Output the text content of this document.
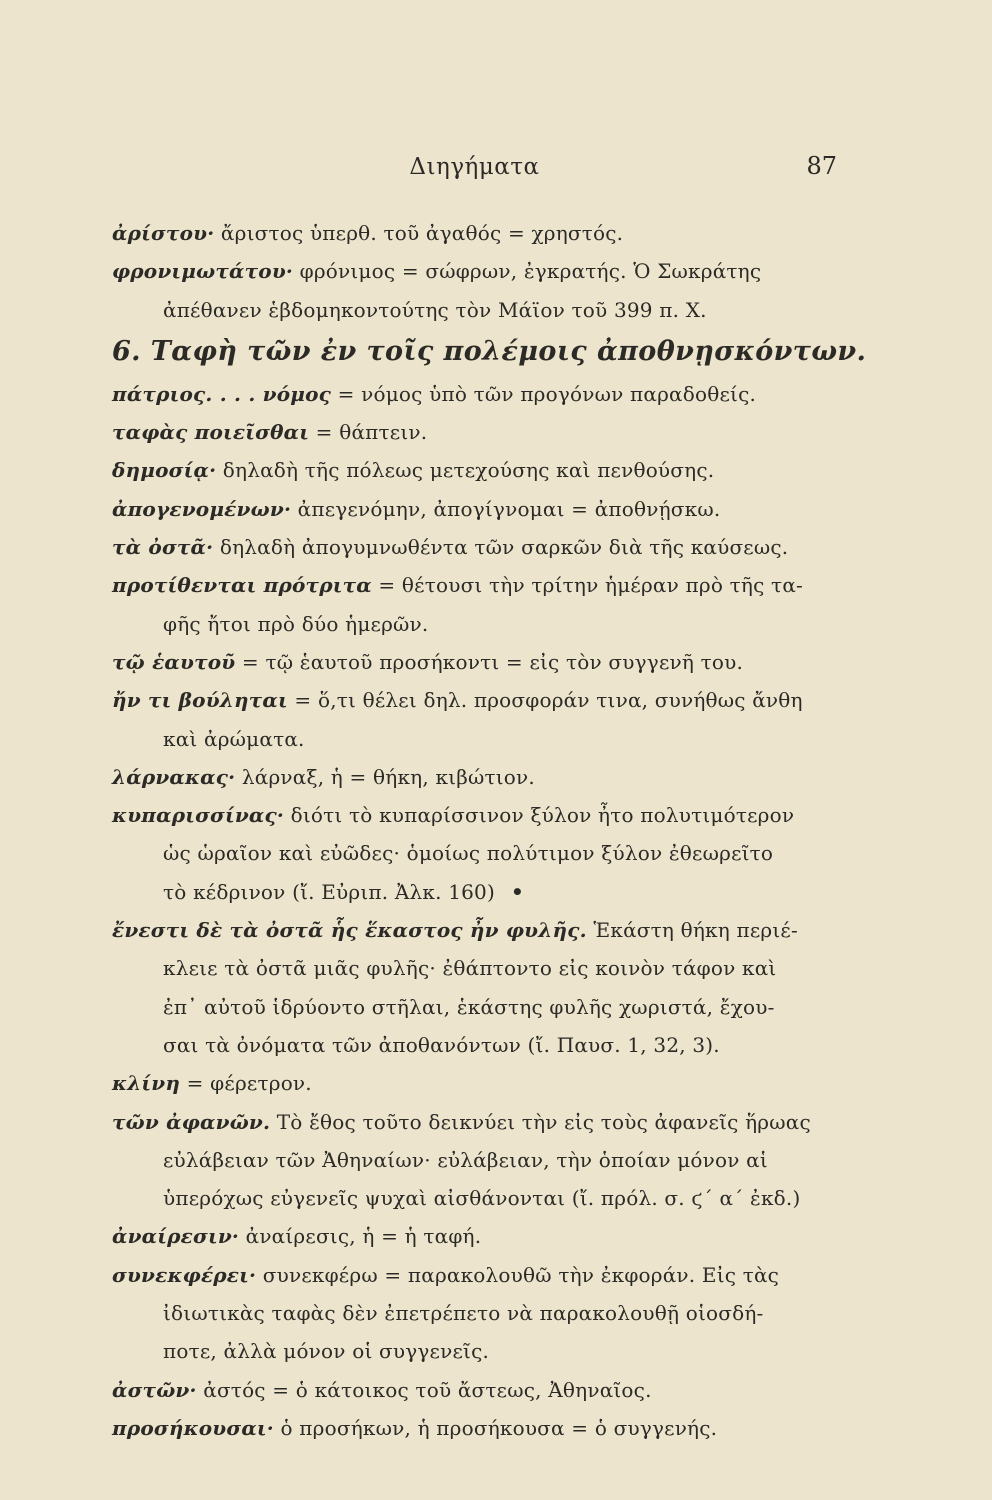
Διηγήματα	87
ἀρίστου· ἄριστος ὑπερθ. τοῦ ἀγαθός = χρηστός.
φρονιμωτάτου· φρόνιμος = σώφρων, ἐγκρατής. Ὁ Σωκράτης
ἀπέθανεν ἑβδομηκοντούτης τὸν Μάϊον τοῦ 399 π. Χ.
6. Ταφὴ τῶν ἐν τοῖς πολέμοις ἀποθνῃσκόντων.
πάτριος. . . . νόμος = νόμος ὑπὸ τῶν προγόνων παραδοθείς.
ταφὰς ποιεῖσθαι = θάπτειν.
δημοσίᾳ· δηλαδὴ τῆς πόλεως μετεχούσης καὶ πενθούσης.
ἀπογενομένων· ἀπεγενόμην, ἀπογίγνομαι = ἀποθνῄσκω.
τὰ ὀστᾶ· δηλαδὴ ἀπογυμνωθέντα τῶν σαρκῶν διὰ τῆς καύσεως.
προτίθενται πρότριτα = θέτουσι τὴν τρίτην ἡμέραν πρὸ τῆς τα-
φῆς ἤτοι πρὸ δύο ἡμερῶν.
τῷ ἑαυτοῦ = τῷ ἑαυτοῦ προσήκοντι = εἰς τὸν συγγενῆ του.
ἤν τι βούληται = ὅ,τι θέλει δηλ. προσφοράν τινα, συνήθως ἄνθη
καὶ ἀρώματα.
λάρνακας· λάρναξ, ἡ = θήκη, κιβώτιον.
κυπαρισσίνας· διότι τὸ κυπαρίσσινον ξύλον ἦτο πολυτιμότερον
ὡς ὡραῖον καὶ εὐῶδες· ὁμοίως πολύτιμον ξύλον ἐθεωρεῖτο
τὸ κέδρινον (ἴ. Εὐριπ. Ἀλκ. 160) •
ἔνεστι δὲ τὰ ὀστᾶ ἧς ἕκαστος ἦν φυλῆς. Ἑκάστη θήκη περιέ-
κλειε τὰ ὀστᾶ μιᾶς φυλῆς· ἐθάπτοντο εἰς κοινὸν τάφον καὶ
ἐπ᾿ αὐτοῦ ἱδρύοντο στῆλαι, ἑκάστης φυλῆς χωριστά, ἔχου-
σαι τὰ ὀνόματα τῶν ἀποθανόντων (ἴ. Παυσ. 1, 32, 3).
κλίνη = φέρετρον.
τῶν ἀφανῶν. Τὸ ἔθος τοῦτο δεικνύει τὴν εἰς τοὺς ἀφανεῖς ἥρωας
εὐλάβειαν τῶν Ἀθηναίων· εὐλάβειαν, τὴν ὁποίαν μόνον αἱ
ὑπερόχως εὐγενεῖς ψυχαὶ αἰσθάνονται (ἴ. πρόλ. σ. ϛ´ α´ ἐκδ.)
ἀναίρεσιν· ἀναίρεσις, ἡ = ἡ ταφή.
συνεκφέρει· συνεκφέρω = παρακολουθῶ τὴν ἐκφοράν. Εἰς τὰς
ἰδιωτικὰς ταφὰς δὲν ἐπετρέπετο νὰ παρακολουθῇ οἱοσδή-
ποτε, ἀλλὰ μόνον οἱ συγγενεῖς.
ἀστῶν· ἀστός = ὁ κάτοικος τοῦ ἄστεως, Ἀθηναῖος.
προσήκουσαι· ὁ προσήκων, ἡ προσήκουσα = ὁ συγγενής.
